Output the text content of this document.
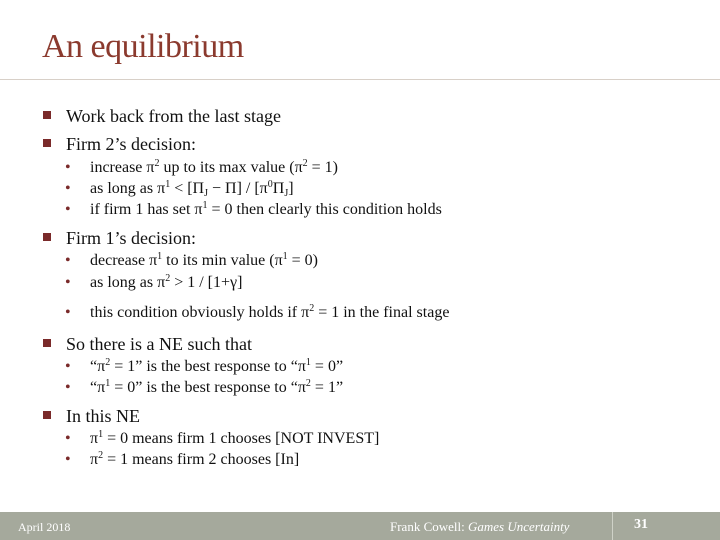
An equilibrium
Work back from the last stage
Firm 2’s decision:
• increase $\pi^2$ up to its max value $(\pi^2 = 1)$
• as long as $\pi^1 < [\Pi_J - \Pi] / [\pi^0\Pi_J]$
• if firm 1 has set $\pi^1 = 0$ then clearly this condition holds
Firm 1’s decision:
• decrease $\pi^1$ to its min value $(\pi^1 = 0)$
• as long as $\pi^2 > 1 / [1+\gamma]$
• this condition obviously holds if $\pi^2 = 1$ in the final stage
So there is a NE such that
• “$\pi^2 = 1$” is the best response to “$\pi^1 = 0$”
• “$\pi^1 = 0$” is the best response to “$\pi^2 = 1$”
In this NE
• $\pi^1 = 0$ means firm 1 chooses [NOT INVEST]
• $\pi^2 = 1$ means firm 2 chooses [In]
April 2018	Frank Cowell: Games Uncertainty	31
